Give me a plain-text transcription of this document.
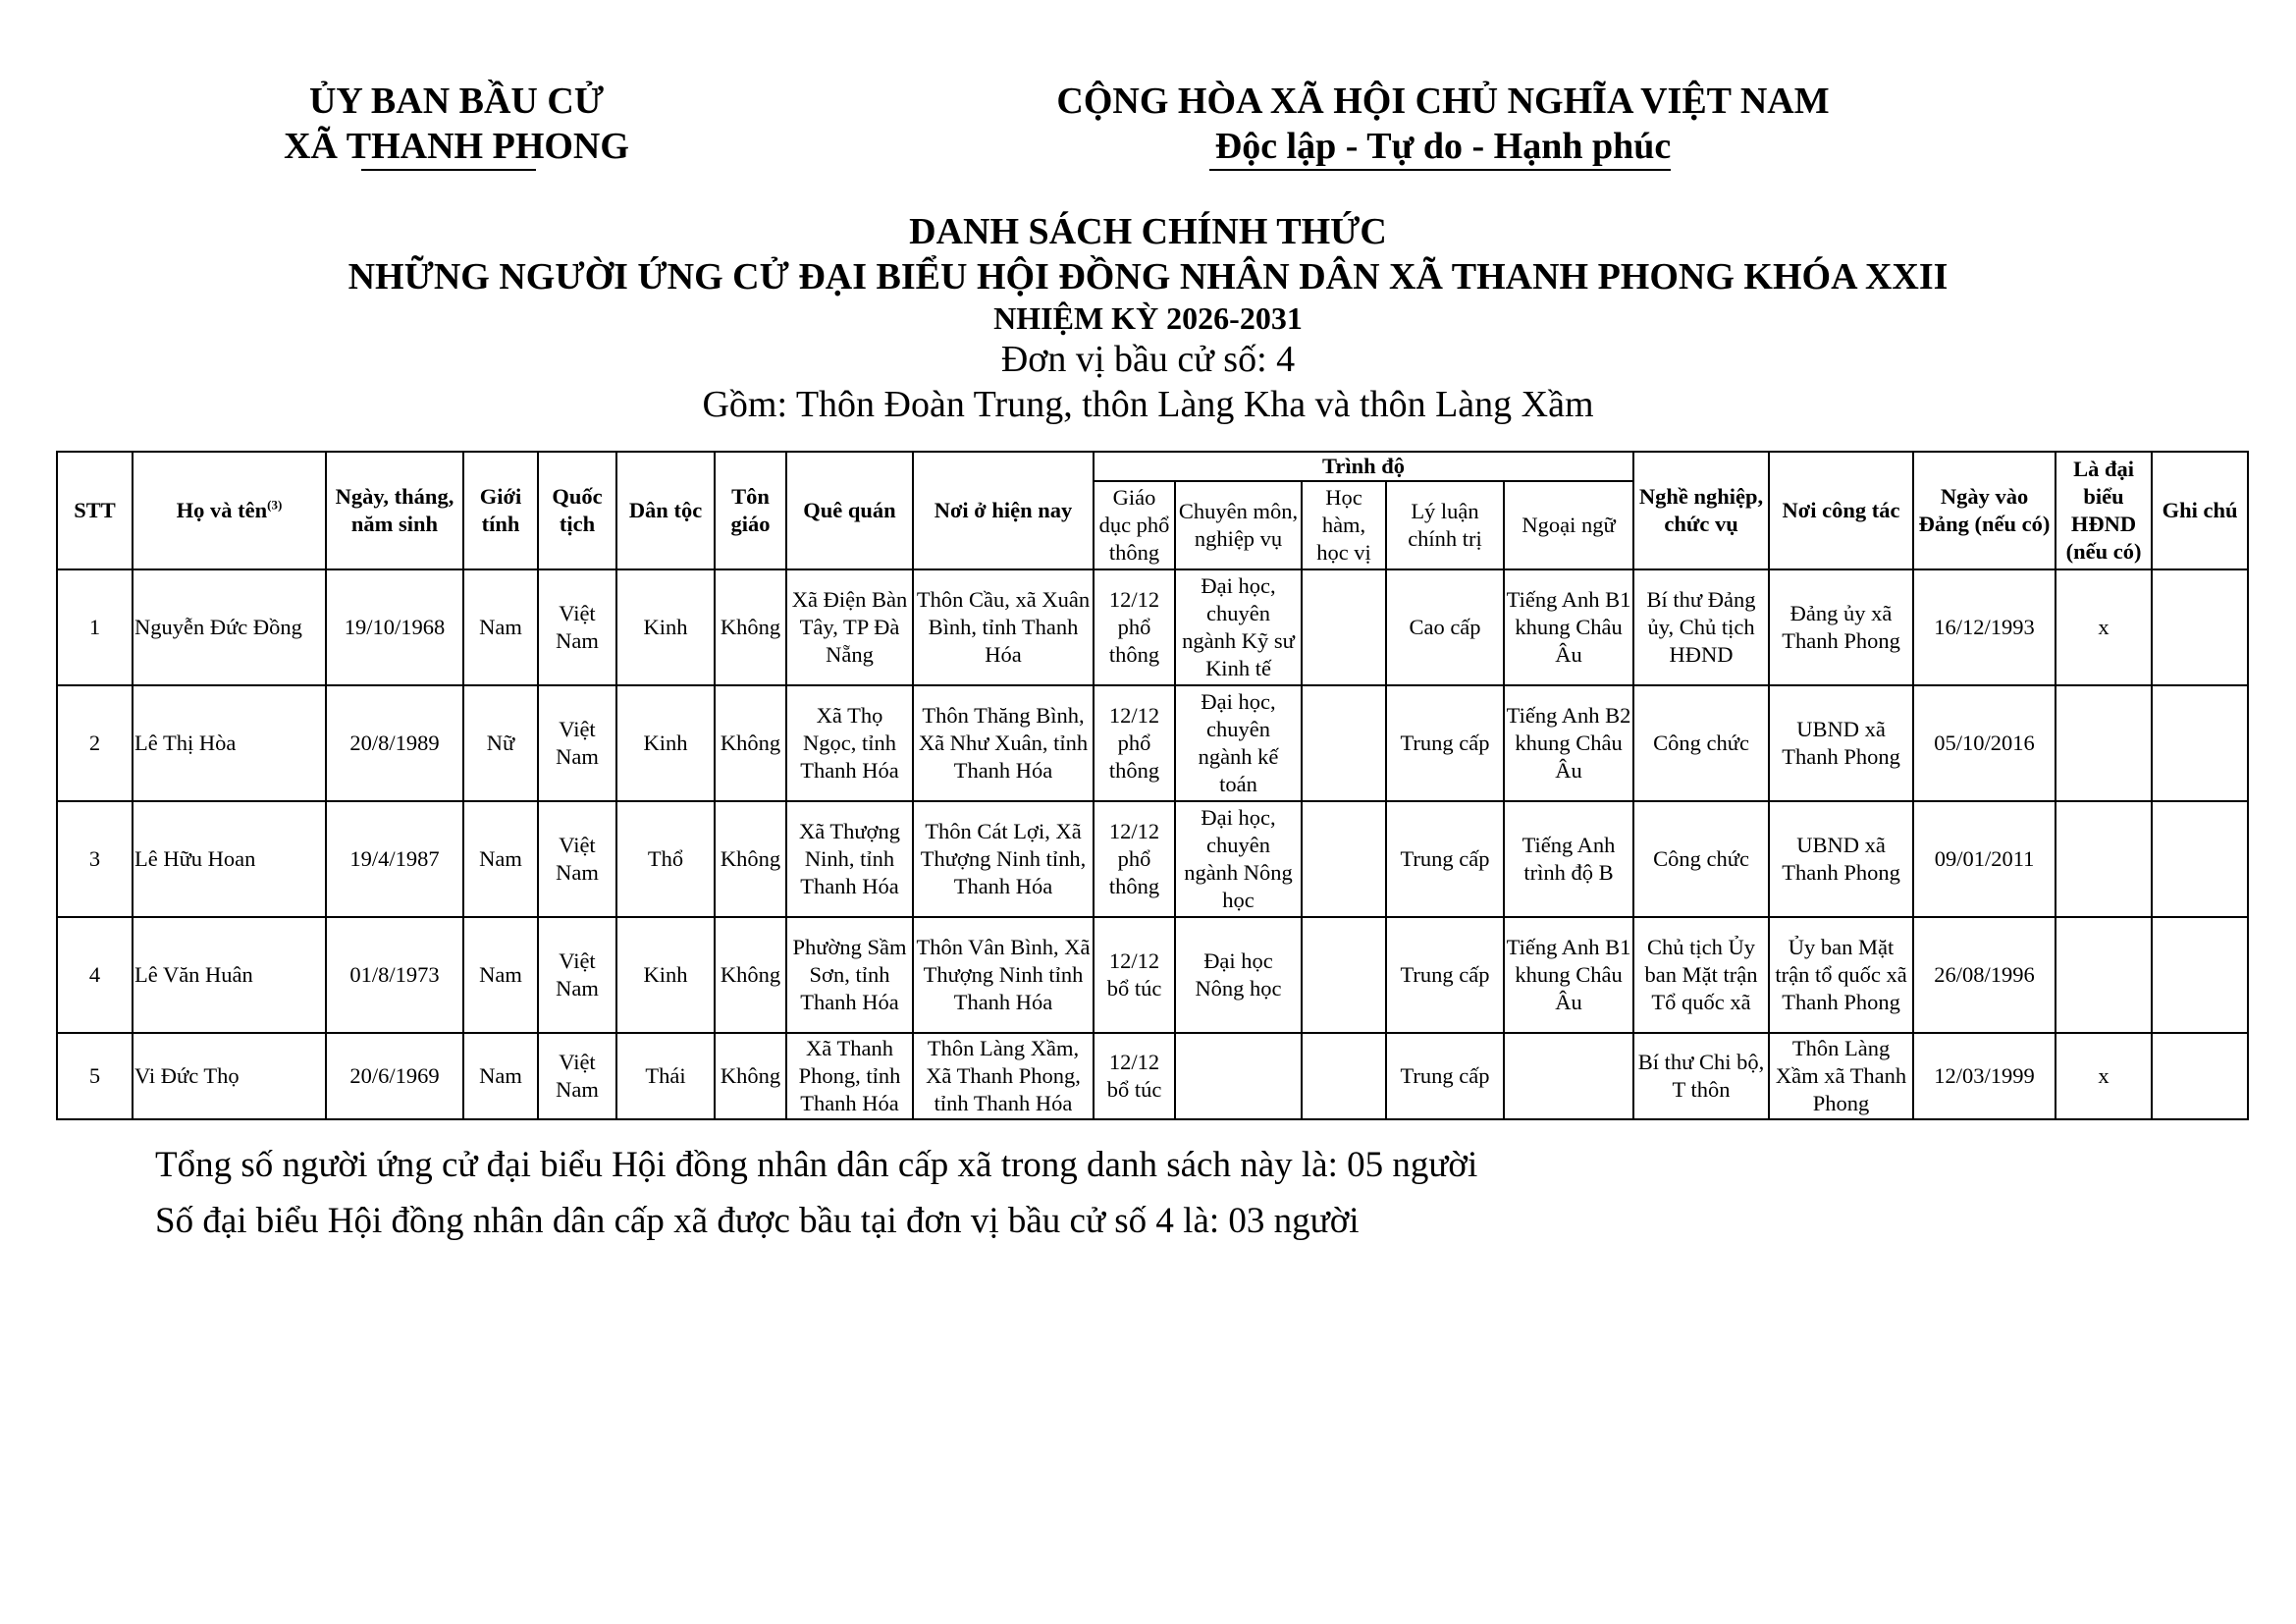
ỦY BAN BẦU CỬ
XÃ THANH PHONG
CỘNG HÒA XÃ HỘI CHỦ NGHĨA VIỆT NAM
Độc lập - Tự do - Hạnh phúc
DANH SÁCH CHÍNH THỨC
NHỮNG NGƯỜI ỨNG CỬ ĐẠI BIỂU HỘI ĐỒNG NHÂN DÂN XÃ THANH PHONG KHÓA XXII
NHIỆM KỲ 2026-2031
Đơn vị bầu cử số: 4
Gồm: Thôn Đoàn Trung, thôn Làng Kha và thôn Làng Xầm
STT	Họ và tên$^{(3)}$	Ngày, tháng, năm sinh	Giới tính	Quốc tịch	Dân tộc	Tôn giáo	Quê quán	Nơi ở hiện nay	Trình độ					Nghề nghiệp, chức vụ	Nơi công tác	Ngày vào Đảng (nếu có)	Là đại biểu HĐND (nếu có)	Ghi chú
									Giáo dục phổ thông	Chuyên môn, nghiệp vụ	Học hàm, học vị	Lý luận chính trị	Ngoại ngữ					
1	Nguyễn Đức Đồng	19/10/1968	Nam	Việt Nam	Kinh	Không	Xã Điện Bàn Tây, TP Đà Nẵng	Thôn Cầu, xã Xuân Bình, tỉnh Thanh Hóa	12/12 phổ thông	Đại học, chuyên ngành Kỹ sư Kinh tế		Cao cấp	Tiếng Anh B1 khung Châu Âu	Bí thư Đảng ủy, Chủ tịch HĐND	Đảng ủy xã Thanh Phong	16/12/1993	x	
2	Lê Thị Hòa	20/8/1989	Nữ	Việt Nam	Kinh	Không	Xã Thọ Ngọc, tỉnh Thanh Hóa	Thôn Thăng Bình, Xã Như Xuân, tỉnh Thanh Hóa	12/12 phổ thông	Đại học, chuyên ngành kế toán		Trung cấp	Tiếng Anh B2 khung Châu Âu	Công chức	UBND xã Thanh Phong	05/10/2016		
3	Lê Hữu Hoan	19/4/1987	Nam	Việt Nam	Thổ	Không	Xã Thượng Ninh, tỉnh Thanh Hóa	Thôn Cát Lợi, Xã Thượng Ninh tỉnh, Thanh Hóa	12/12 phổ thông	Đại học, chuyên ngành Nông học		Trung cấp	Tiếng Anh trình độ B	Công chức	UBND xã Thanh Phong	09/01/2011		
4	Lê Văn Huân	01/8/1973	Nam	Việt Nam	Kinh	Không	Phường Sầm Sơn, tỉnh Thanh Hóa	Thôn Vân Bình, Xã Thượng Ninh tỉnh Thanh Hóa	12/12 bổ túc	Đại học Nông học		Trung cấp	Tiếng Anh B1 khung Châu Âu	Chủ tịch Ủy ban Mặt trận Tổ quốc xã	Ủy ban Mặt trận tổ quốc xã Thanh Phong	26/08/1996		
5	Vi Đức Thọ	20/6/1969	Nam	Việt Nam	Thái	Không	Xã Thanh Phong, tỉnh Thanh Hóa	Thôn Làng Xầm, Xã Thanh Phong, tỉnh Thanh Hóa	12/12 bổ túc			Trung cấp		Bí thư Chi bộ, T thôn	Thôn Làng Xầm xã Thanh Phong	12/03/1999	x	
Tổng số người ứng cử đại biểu Hội đồng nhân dân cấp xã trong danh sách này là: 05 người
Số đại biểu Hội đồng nhân dân cấp xã được bầu tại đơn vị bầu cử số 4 là: 03 người
